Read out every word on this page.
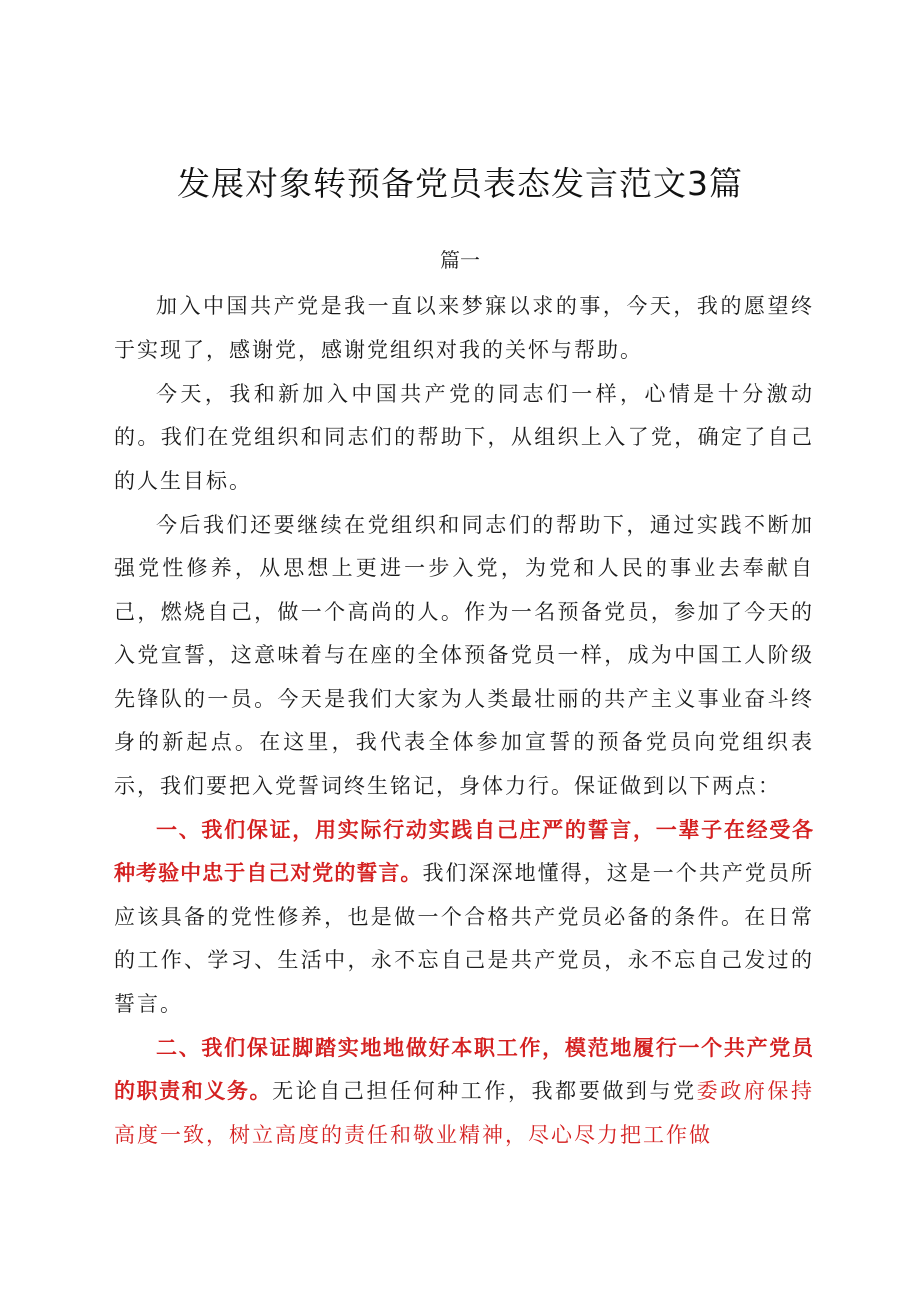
发展对象转预备党员表态发言范文3篇
篇一

加入中国共产党是我一直以来梦寐以求的事，今天，我的愿望终于实现了，感谢党，感谢党组织对我的关怀与帮助。

今天，我和新加入中国共产党的同志们一样，心情是十分激动的。我们在党组织和同志们的帮助下，从组织上入了党，确定了自己的人生目标。

今后我们还要继续在党组织和同志们的帮助下，通过实践不断加强党性修养，从思想上更进一步入党，为党和人民的事业去奉献自己，燃烧自己，做一个高尚的人。作为一名预备党员，参加了今天的入党宣誓，这意味着与在座的全体预备党员一样，成为中国工人阶级先锋队的一员。今天是我们大家为人类最壮丽的共产主义事业奋斗终身的新起点。在这里，我代表全体参加宣誓的预备党员向党组织表示，我们要把入党誓词终生铭记，身体力行。保证做到以下两点：

一、我们保证，用实际行动实践自己庄严的誓言，一辈子在经受各种考验中忠于自己对党的誓言。我们深深地懂得，这是一个共产党员所应该具备的党性修养，也是做一个合格共产党员必备的条件。在日常的工作、学习、生活中，永不忘自己是共产党员，永不忘自己发过的誓言。

二、我们保证脚踏实地地做好本职工作，模范地履行一个共产党员的职责和义务。无论自己担任何种工作，我都要做到与党委政府保持高度一致，树立高度的责任和敬业精神，尽心尽力把工作做
